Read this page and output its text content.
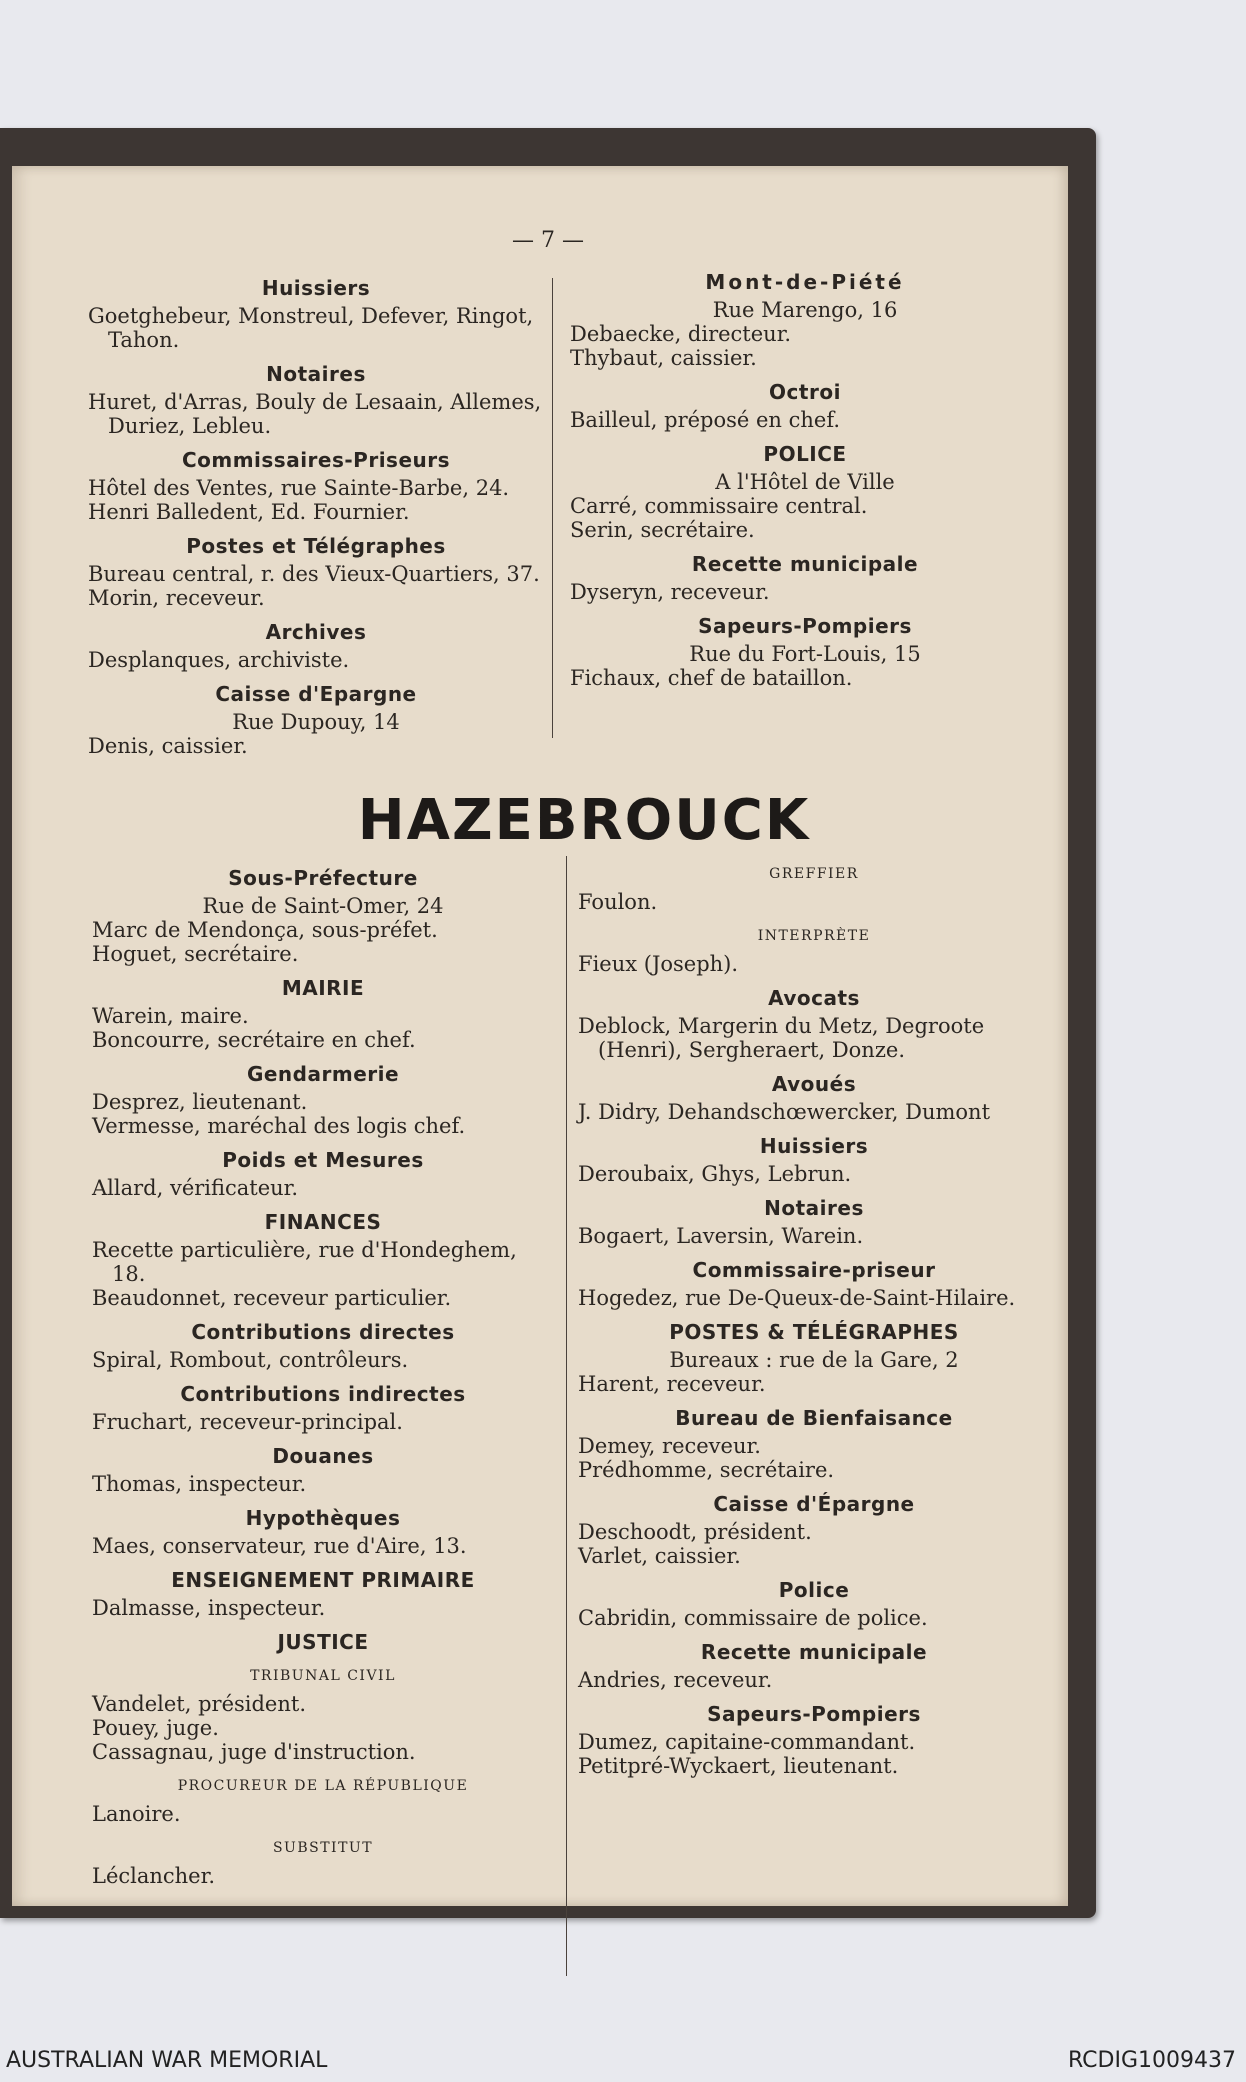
— 7 —
Huissiers
Goetghebeur, Monstreul, Defever, Ringot, Tahon.
Notaires
Huret, d'Arras, Bouly de Lesaain, Allemes, Duriez, Lebleu.
Commissaires-Priseurs
Hôtel des Ventes, rue Sainte-Barbe, 24.
Henri Balledent, Ed. Fournier.
Postes et Télégraphes
Bureau central, r. des Vieux-Quartiers, 37.
Morin, receveur.
Archives
Desplanques, archiviste.
Caisse d'Epargne
Rue Dupouy, 14
Denis, caissier.
Mont-de-Piété
Rue Marengo, 16
Debaecke, directeur.
Thybaut, caissier.
Octroi
Bailleul, préposé en chef.
POLICE
A l'Hôtel de Ville
Carré, commissaire central.
Serin, secrétaire.
Recette municipale
Dyseryn, receveur.
Sapeurs-Pompiers
Rue du Fort-Louis, 15
Fichaux, chef de bataillon.
HAZEBROUCK
Sous-Préfecture
Rue de Saint-Omer, 24
Marc de Mendonça, sous-préfet.
Hoguet, secrétaire.
MAIRIE
Warein, maire.
Boncourre, secrétaire en chef.
Gendarmerie
Desprez, lieutenant.
Vermesse, maréchal des logis chef.
Poids et Mesures
Allard, vérificateur.
FINANCES
Recette particulière, rue d'Hondeghem, 18.
Beaudonnet, receveur particulier.
Contributions directes
Spiral, Rombout, contrôleurs.
Contributions indirectes
Fruchart, receveur-principal.
Douanes
Thomas, inspecteur.
Hypothèques
Maes, conservateur, rue d'Aire, 13.
ENSEIGNEMENT PRIMAIRE
Dalmasse, inspecteur.
JUSTICE
TRIBUNAL CIVIL
Vandelet, président.
Pouey, juge.
Cassagnau, juge d'instruction.
PROCUREUR DE LA RÉPUBLIQUE
Lanoire.
SUBSTITUT
Léclancher.
GREFFIER
Foulon.
INTERPRÈTE
Fieux (Joseph).
Avocats
Deblock, Margerin du Metz, Degroote (Henri), Sergheraert, Donze.
Avoués
J. Didry, Dehandschœwercker, Dumont
Huissiers
Deroubaix, Ghys, Lebrun.
Notaires
Bogaert, Laversin, Warein.
Commissaire-priseur
Hogedez, rue De-Queux-de-Saint-Hilaire.
POSTES & TÉLÉGRAPHES
Bureaux : rue de la Gare, 2
Harent, receveur.
Bureau de Bienfaisance
Demey, receveur.
Prédhomme, secrétaire.
Caisse d'Épargne
Deschoodt, président.
Varlet, caissier.
Police
Cabridin, commissaire de police.
Recette municipale
Andries, receveur.
Sapeurs-Pompiers
Dumez, capitaine-commandant.
Petitpré-Wyckaert, lieutenant.
AUSTRALIAN WAR MEMORIAL	RCDIG1009437
